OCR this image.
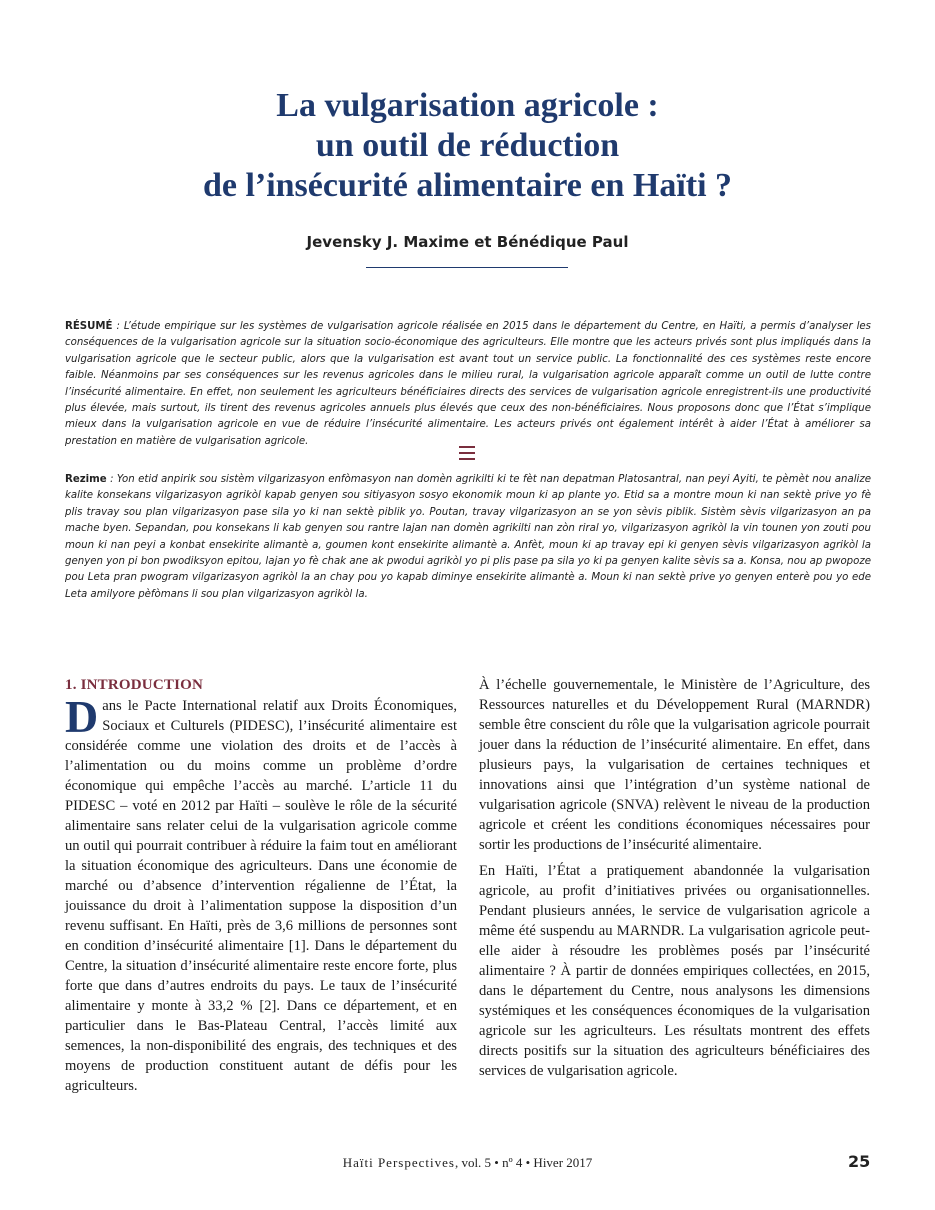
La vulgarisation agricole :
un outil de réduction
de l’insécurité alimentaire en Haïti ?
Jevensky J. Maxime et Bénédique Paul
RÉSUMÉ : L’étude empirique sur les systèmes de vulgarisation agricole réalisée en 2015 dans le département du Centre, en Haïti, a permis d’analyser les conséquences de la vulgarisation agricole sur la situation socio-économique des agriculteurs. Elle montre que les acteurs privés sont plus impliqués dans la vulgarisation agricole que le secteur public, alors que la vulgarisation est avant tout un service public. La fonctionnalité des ces systèmes reste encore faible. Néanmoins par ses conséquences sur les revenus agricoles dans le milieu rural, la vulgarisation agricole apparaît comme un outil de lutte contre l’insécurité alimentaire. En effet, non seulement les agriculteurs bénéficiaires directs des services de vulgarisation agricole enregistrent-ils une productivité plus élevée, mais surtout, ils tirent des revenus agricoles annuels plus élevés que ceux des non-bénéficiaires. Nous proposons donc que l’État s’implique mieux dans la vulgarisation agricole en vue de réduire l’insécurité alimentaire. Les acteurs privés ont également intérêt à aider l’État à améliorer sa prestation en matière de vulgarisation agricole.
Rezime : Yon etid anpirik sou sistèm vilgarizasyon enfòmasyon nan domèn agrikilti ki te fèt nan depatman Platosantral, nan peyi Ayiti, te pèmèt nou analize kalite konsekans vilgarizasyon agrikòl kapab genyen sou sitiyasyon sosyo ekonomik moun ki ap plante yo. Etid sa a montre moun ki nan sektè prive yo fè plis travay sou plan vilgarizasyon pase sila yo ki nan sektè piblik yo. Poutan, travay vilgarizasyon an se yon sèvis piblik. Sistèm sèvis vilgarizasyon an pa mache byen. Sepandan, pou konsekans li kab genyen sou rantre lajan nan domèn agrikilti nan zòn riral yo, vilgarizasyon agrikòl la vin tounen yon zouti pou moun ki nan peyi a konbat ensekirite alimantè a, goumen kont ensekirite alimantè a. Anfèt, moun ki ap travay epi ki genyen sèvis vilgarizasyon agrikòl la genyen yon pi bon pwodiksyon epitou, lajan yo fè chak ane ak pwodui agrikòl yo pi plis pase pa sila yo ki pa genyen kalite sèvis sa a. Konsa, nou ap pwopoze pou Leta pran pwogram vilgarizasyon agrikòl la an chay pou yo kapab diminye ensekirite alimantè a. Moun ki nan sektè prive yo genyen enterè pou yo ede Leta amilyore pèfòmans li sou plan vilgarizasyon agrikòl la.
1. INTRODUCTION

Dans le Pacte International relatif aux Droits Économiques, Sociaux et Culturels (PIDESC), l’insécurité alimentaire est considérée comme une violation des droits et de l’accès à l’alimentation ou du moins comme un problème d’ordre économique qui empêche l’accès au marché. L’article 11 du PIDESC – voté en 2012 par Haïti – soulève le rôle de la sécurité alimentaire sans relater celui de la vulgarisation agricole comme un outil qui pourrait contribuer à réduire la faim tout en améliorant la situation économique des agriculteurs. Dans une économie de marché ou d’absence d’intervention régalienne de l’État, la jouissance du droit à l’alimentation suppose la disposition d’un revenu suffisant. En Haïti, près de 3,6 millions de personnes sont en condition d’insécurité alimentaire [1]. Dans le département du Centre, la situation d’insécurité alimentaire reste encore forte, plus forte que dans d’autres endroits du pays. Le taux de l’insécurité alimentaire y monte à 33,2 % [2]. Dans ce département, et en particulier dans le Bas-Plateau Central, l’accès limité aux semences, la non-disponibilité des engrais, des techniques et des moyens de production constituent autant de défis pour les agriculteurs.

À l’échelle gouvernementale, le Ministère de l’Agriculture, des Ressources naturelles et du Développement Rural (MARNDR) semble être conscient du rôle que la vulgarisation agricole pourrait jouer dans la réduction de l’insécurité alimentaire. En effet, dans plusieurs pays, la vulgarisation de certaines techniques et innovations ainsi que l’intégration d’un système national de vulgarisation agricole (SNVA) relèvent le niveau de la production agricole et créent les conditions économiques nécessaires pour sortir les productions de l’insécurité alimentaire.

En Haïti, l’État a pratiquement abandonnée la vulgarisation agricole, au profit d’initiatives privées ou organisationnelles. Pendant plusieurs années, le service de vulgarisation agricole a même été suspendu au MARNDR. La vulgarisation agricole peut-elle aider à résoudre les problèmes posés par l’insécurité alimentaire ? À partir de données empiriques collectées, en 2015, dans le département du Centre, nous analysons les dimensions systémiques et les conséquences économiques de la vulgarisation agricole sur les agriculteurs. Les résultats montrent des effets directs positifs sur la situation des agriculteurs bénéficiaires des services de vulgarisation agricole.

Haïti Perspectives, vol. 5 • nº 4 • Hiver 2017	25
